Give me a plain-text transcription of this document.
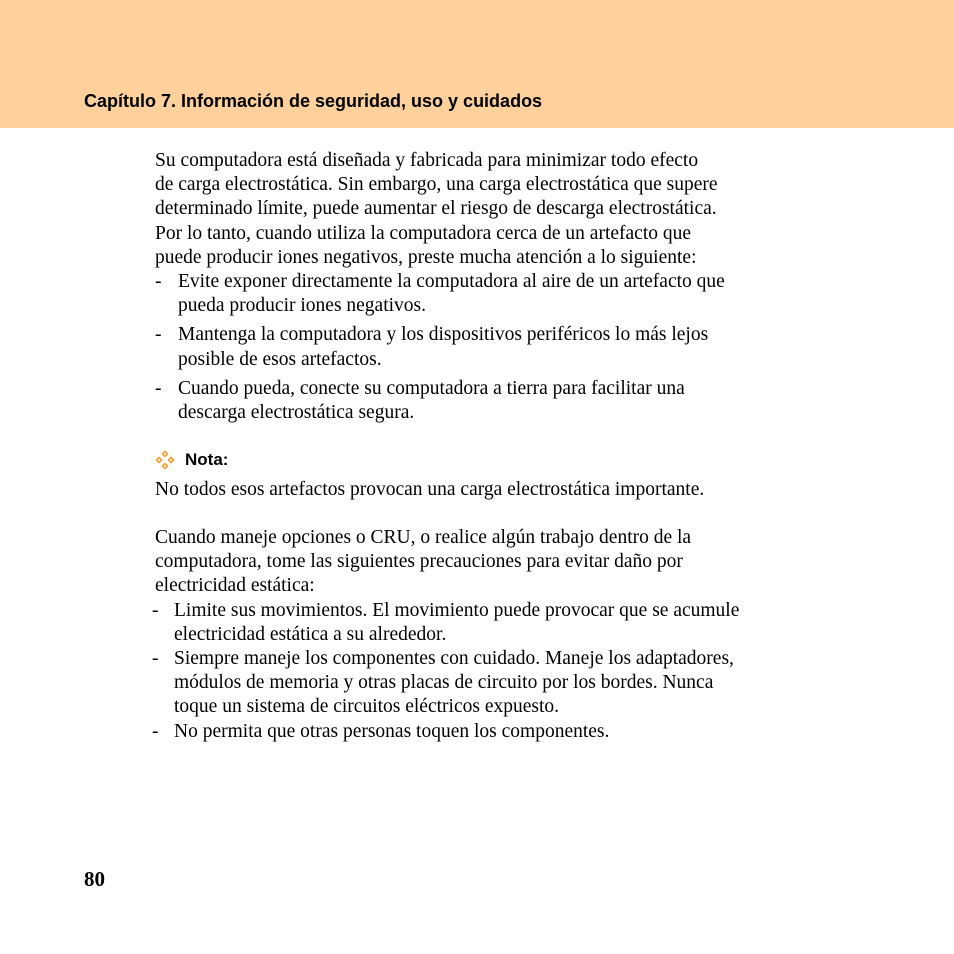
Capítulo 7. Información de seguridad, uso y cuidados

Su computadora está diseñada y fabricada para minimizar todo efecto
de carga electrostática. Sin embargo, una carga electrostática que supere
determinado límite, puede aumentar el riesgo de descarga electrostática.
Por lo tanto, cuando utiliza la computadora cerca de un artefacto que
puede producir iones negativos, preste mucha atención a lo siguiente:

- Evite exponer directamente la computadora al aire de un artefacto que
pueda producir iones negativos.
- Mantenga la computadora y los dispositivos periféricos lo más lejos
posible de esos artefactos.
- Cuando pueda, conecte su computadora a tierra para facilitar una
descarga electrostática segura.
Nota:

No todos esos artefactos provocan una carga electrostática importante.

Cuando maneje opciones o CRU, o realice algún trabajo dentro de la
computadora, tome las siguientes precauciones para evitar daño por
electricidad estática:

- Limite sus movimientos. El movimiento puede provocar que se acumule
electricidad estática a su alrededor.
- Siempre maneje los componentes con cuidado. Maneje los adaptadores,
módulos de memoria y otras placas de circuito por los bordes. Nunca
toque un sistema de circuitos eléctricos expuesto.
- No permita que otras personas toquen los componentes.
80
